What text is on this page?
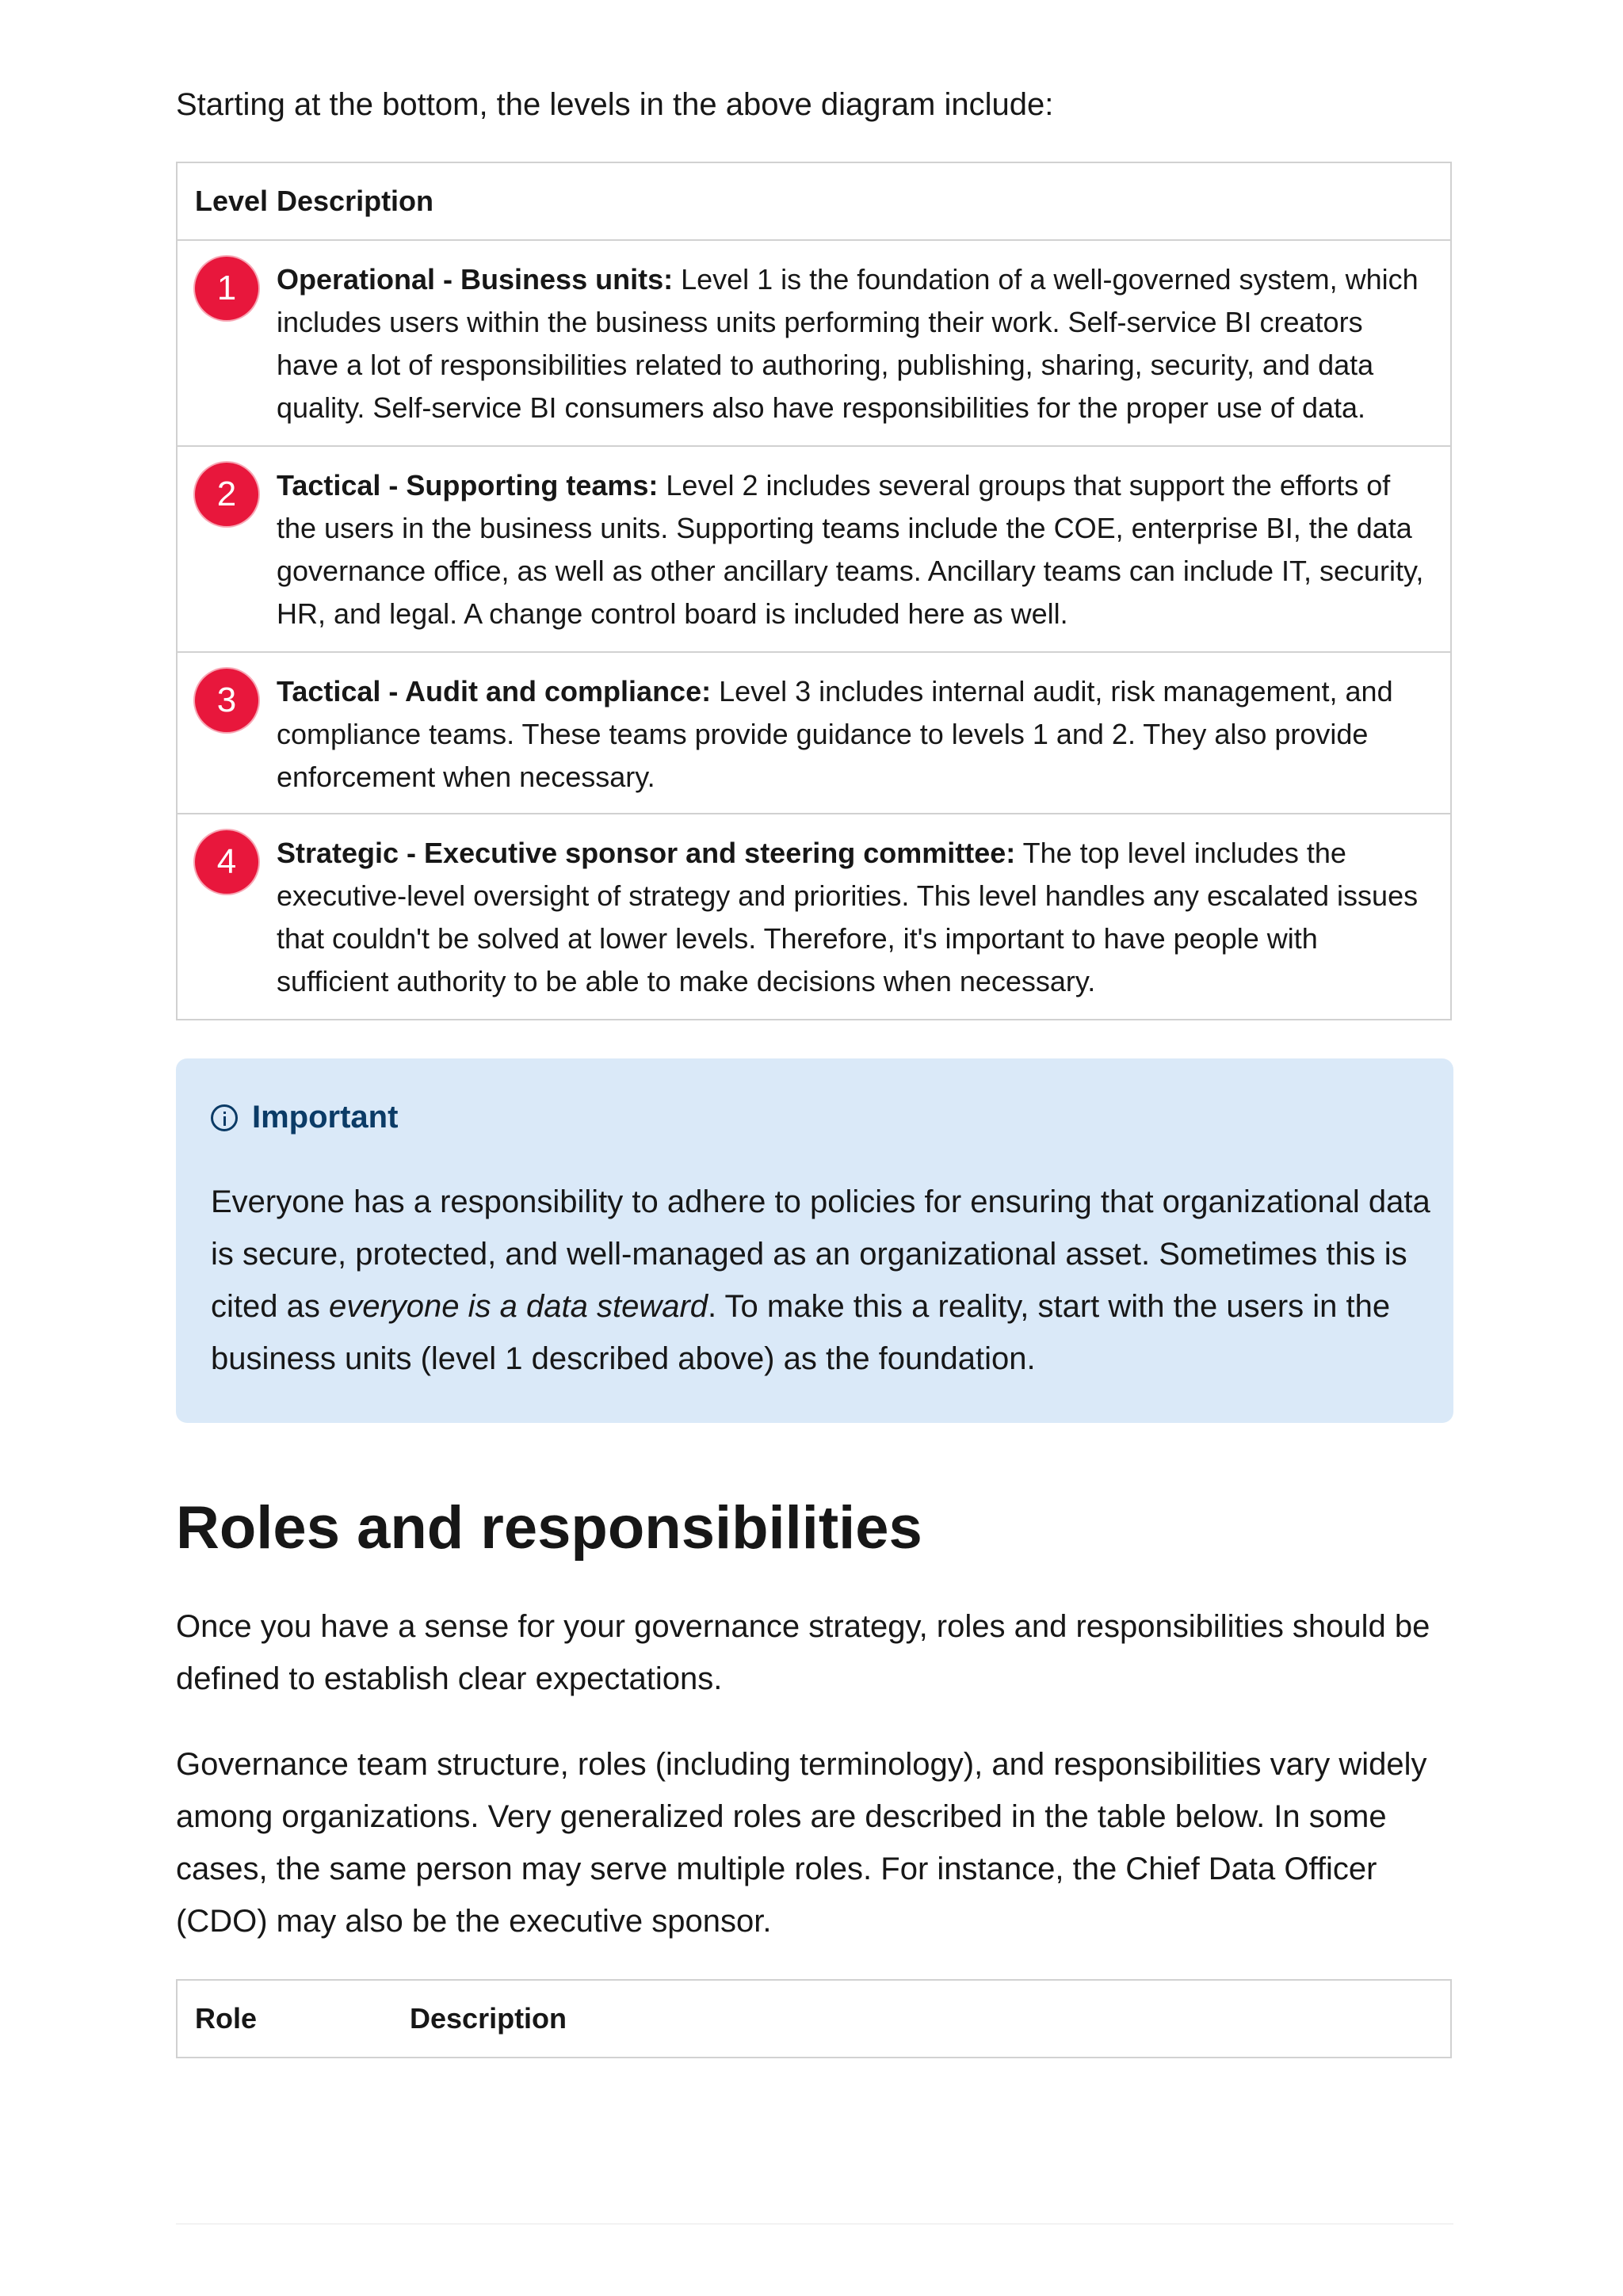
Starting at the bottom, the levels in the above diagram include:

Level	Description

1	Operational - Business units: Level 1 is the foundation of a well-governed system, which includes users within the business units performing their work. Self-service BI creators have a lot of responsibilities related to authoring, publishing, sharing, security, and data quality. Self-service BI consumers also have responsibilities for the proper use of data.

2	Tactical - Supporting teams: Level 2 includes several groups that support the efforts of the users in the business units. Supporting teams include the COE, enterprise BI, the data governance office, as well as other ancillary teams. Ancillary teams can include IT, security, HR, and legal. A change control board is included here as well.

3	Tactical - Audit and compliance: Level 3 includes internal audit, risk management, and compliance teams. These teams provide guidance to levels 1 and 2. They also provide enforcement when necessary.

4	Strategic - Executive sponsor and steering committee: The top level includes the executive-level oversight of strategy and priorities. This level handles any escalated issues that couldn't be solved at lower levels. Therefore, it's important to have people with sufficient authority to be able to make decisions when necessary.
Important
Everyone has a responsibility to adhere to policies for ensuring that organizational data is secure, protected, and well-managed as an organizational asset. Sometimes this is cited as everyone is a data steward. To make this a reality, start with the users in the business units (level 1 described above) as the foundation.
Roles and responsibilities

Once you have a sense for your governance strategy, roles and responsibilities should be defined to establish clear expectations.

Governance team structure, roles (including terminology), and responsibilities vary widely among organizations. Very generalized roles are described in the table below. In some cases, the same person may serve multiple roles. For instance, the Chief Data Officer (CDO) may also be the executive sponsor.

Role	Description
